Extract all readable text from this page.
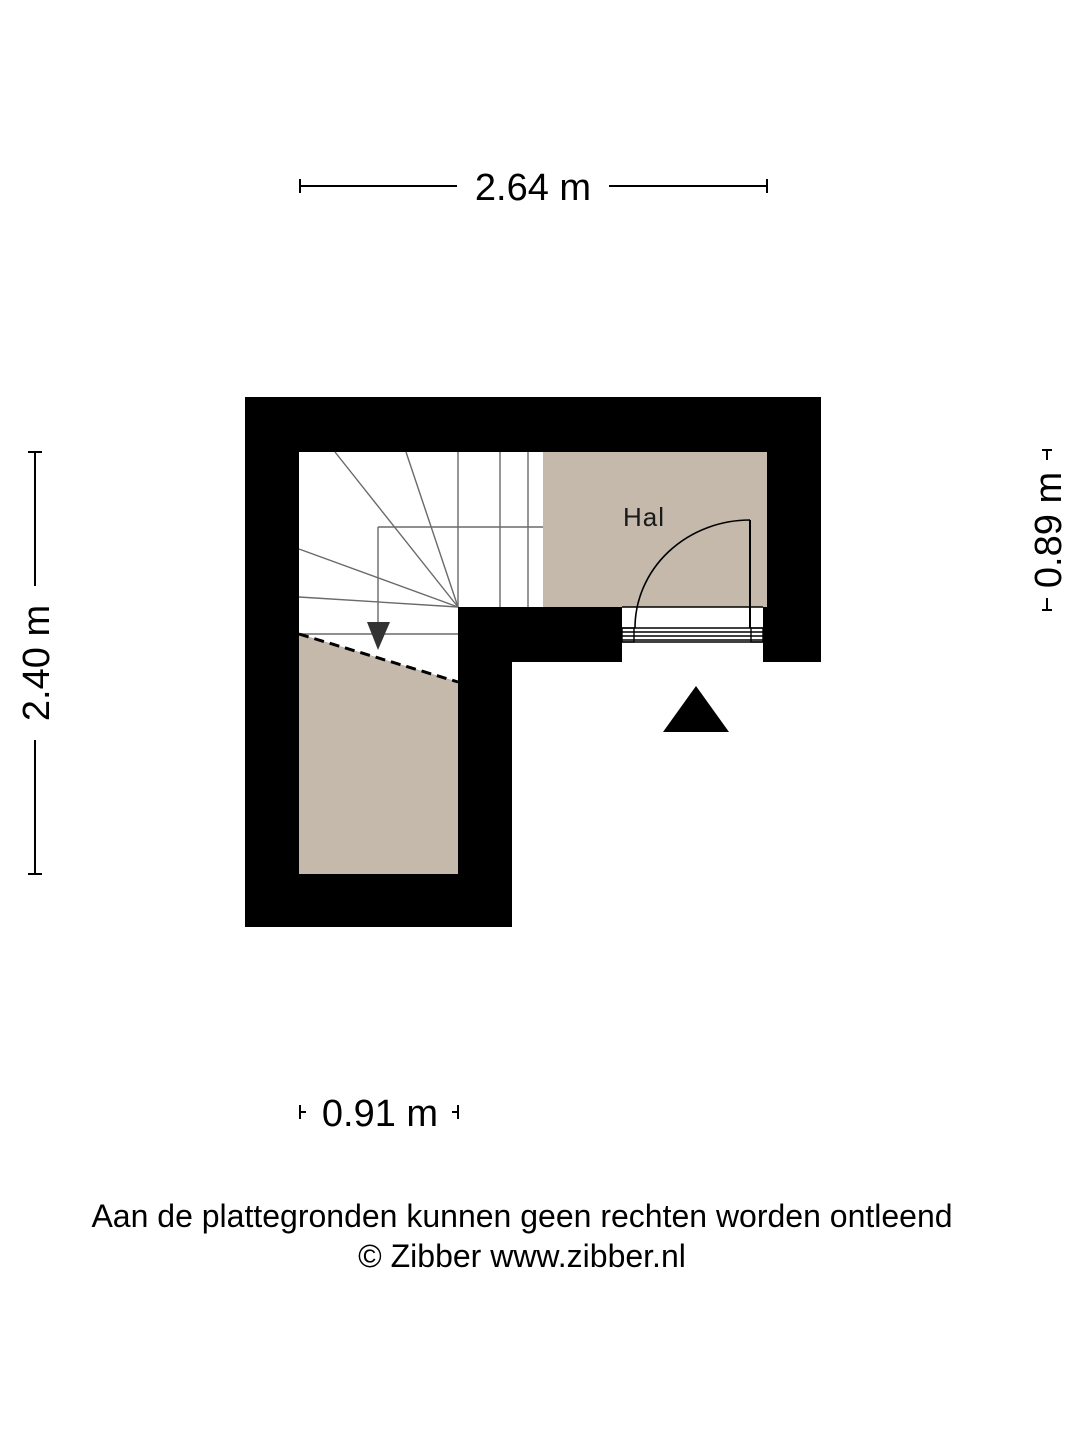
2.64 m
2.40 m
0.89 m
0.91 m
Hal
Aan de plattegronden kunnen geen rechten worden ontleend
© Zibber www.zibber.nl
